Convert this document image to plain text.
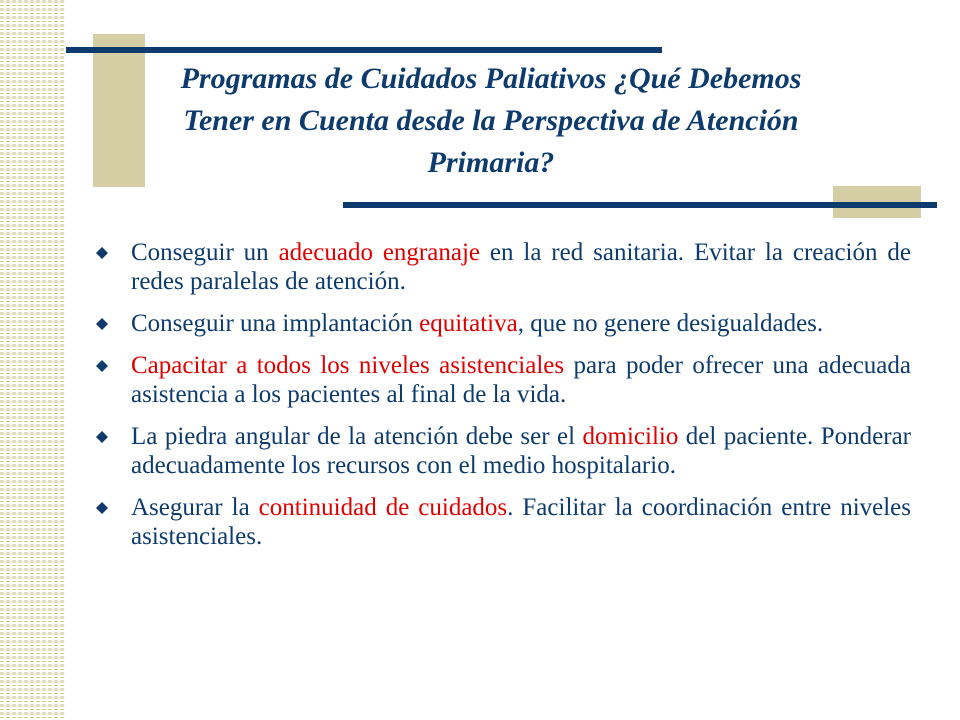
Programas de Cuidados Paliativos ¿Qué Debemos Tener en Cuenta desde la Perspectiva de Atención Primaria?
Conseguir un adecuado engranaje en la red sanitaria. Evitar la creación de redes paralelas de atención.
Conseguir una implantación equitativa, que no genere desigualdades.
Capacitar a todos los niveles asistenciales para poder ofrecer una adecuada asistencia a los pacientes al final de la vida.
La piedra angular de la atención debe ser el domicilio del paciente. Ponderar adecuadamente los recursos con el medio hospitalario.
Asegurar la continuidad de cuidados. Facilitar la coordinación entre niveles asistenciales.
